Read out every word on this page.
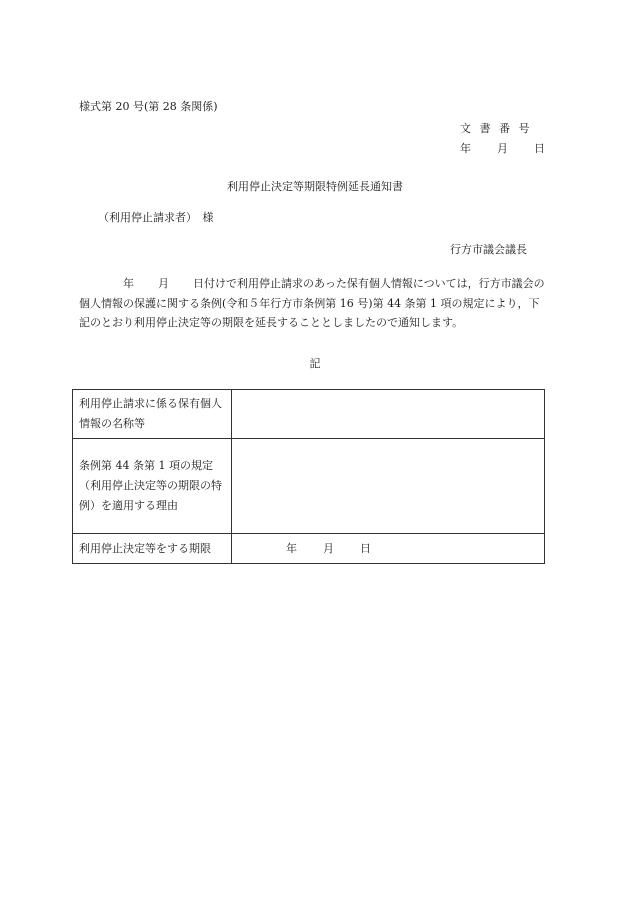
様式第 20 号(第 28 条関係)
文書番号
年 月 日
利用停止決定等期限特例延長通知書
（利用停止請求者）　様
行方市議会議長
年 月 日付けで利用停止請求のあった保有個人情報については，行方市議会の個人情報の保護に関する条例(令和５年行方市条例第 16 号)第 44 条第 1 項の規定により，下記のとおり利用停止決定等の期限を延長することとしましたので通知します。
記
利用停止請求に係る保有個人情報の名称等	
条例第 44 条第 1 項の規定（利用停止決定等の期限の特例）を適用する理由	
利用停止決定等をする期限	年 月 日
